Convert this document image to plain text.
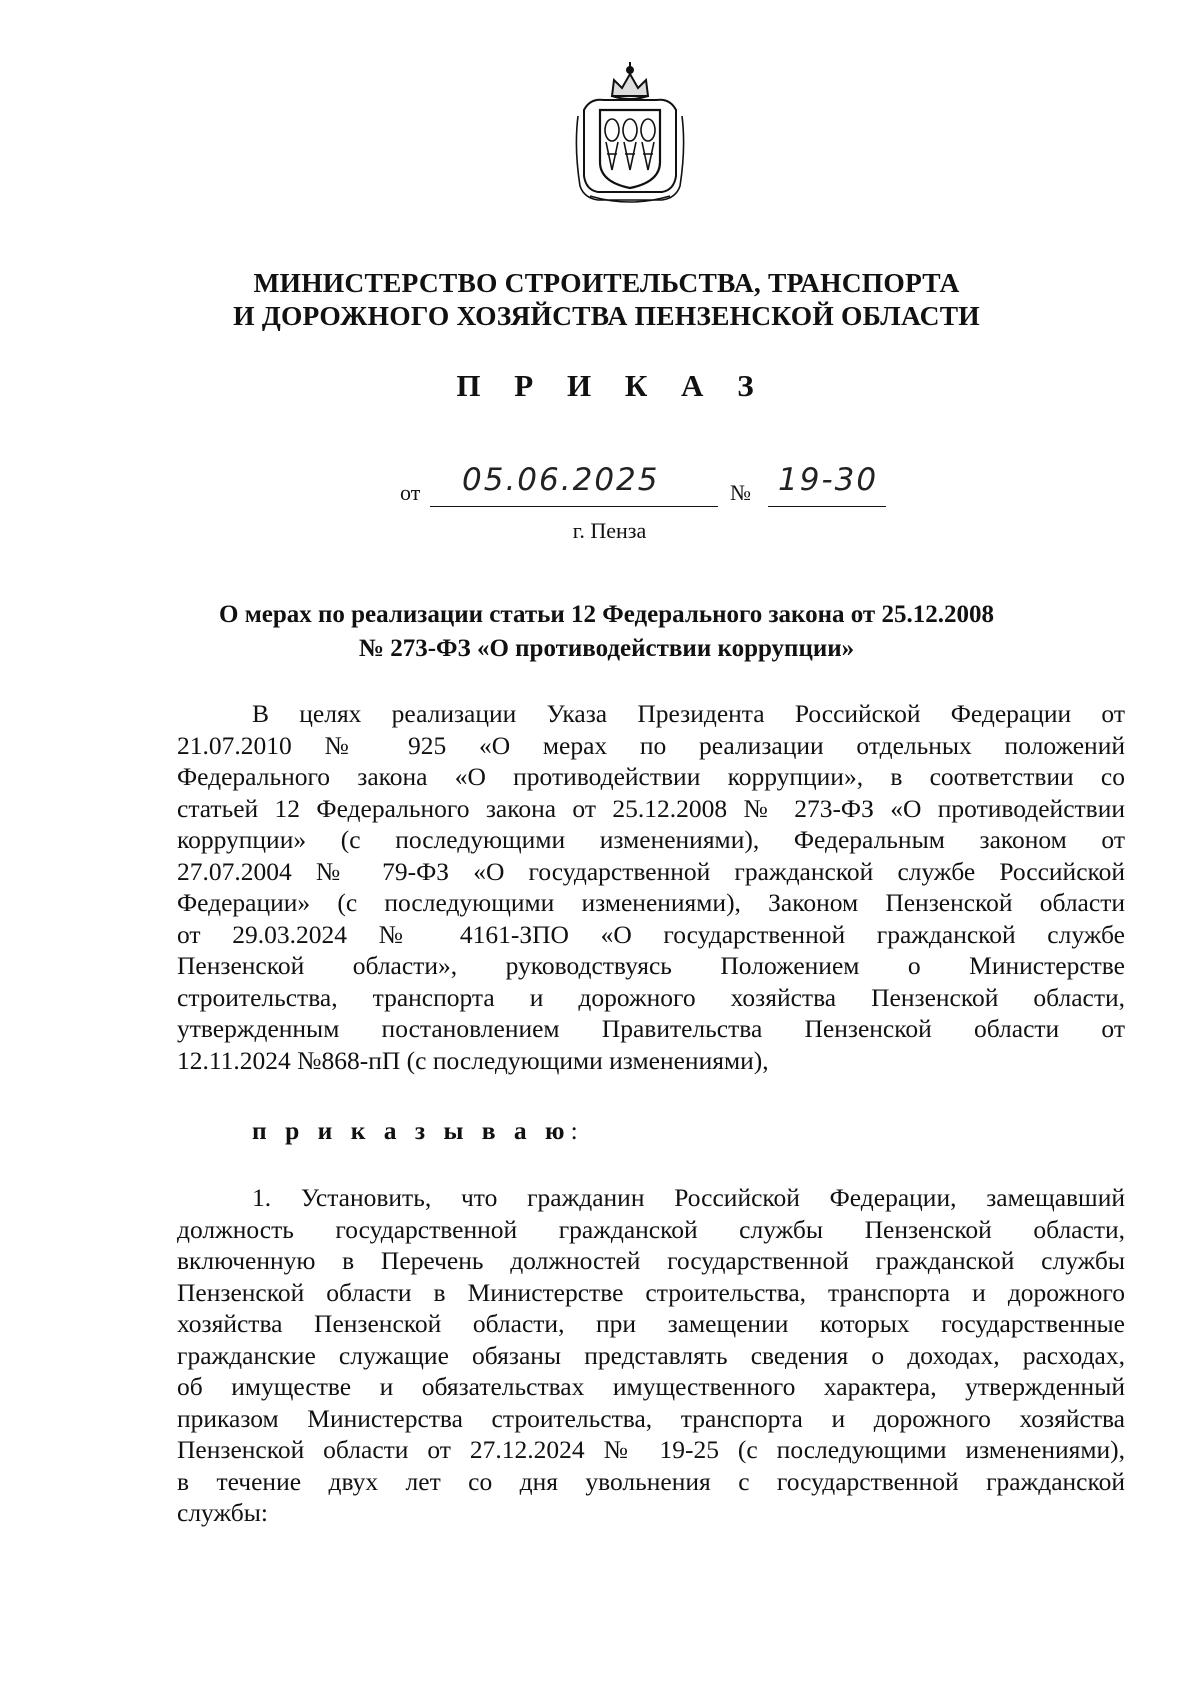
МИНИСТЕРСТВО СТРОИТЕЛЬСТВА, ТРАНСПОРТА
И ДОРОЖНОГО ХОЗЯЙСТВА ПЕНЗЕНСКОЙ ОБЛАСТИ
П Р И К А З
от 05.06.2025	№ 19-30
г. Пенза
О мерах по реализации статьи 12 Федерального закона от 25.12.2008
№ 273-ФЗ «О противодействии коррупции»
В целях реализации Указа Президента Российской Федерации от
21.07.2010 № 925 «О мерах по реализации отдельных положений
Федерального закона «О противодействии коррупции», в соответствии со
статьей 12 Федерального закона от 25.12.2008 № 273-ФЗ «О противодействии
коррупции» (с последующими изменениями), Федеральным законом от
27.07.2004 № 79-ФЗ «О государственной гражданской службе Российской
Федерации» (с последующими изменениями), Законом Пензенской области
от 29.03.2024 № 4161-ЗПО «О государственной гражданской службе
Пензенской области», руководствуясь Положением о Министерстве
строительства, транспорта и дорожного хозяйства Пензенской области,
утвержденным постановлением Правительства Пензенской области от
12.11.2024 №868-пП (с последующими изменениями),
п р и к а з ы в а ю:
1. Установить, что гражданин Российской Федерации, замещавший
должность государственной гражданской службы Пензенской области,
включенную в Перечень должностей государственной гражданской службы
Пензенской области в Министерстве строительства, транспорта и дорожного
хозяйства Пензенской области, при замещении которых государственные
гражданские служащие обязаны представлять сведения о доходах, расходах,
об имуществе и обязательствах имущественного характера, утвержденный
приказом Министерства строительства, транспорта и дорожного хозяйства
Пензенской области от 27.12.2024 № 19-25 (с последующими изменениями),
в течение двух лет со дня увольнения с государственной гражданской
службы:
